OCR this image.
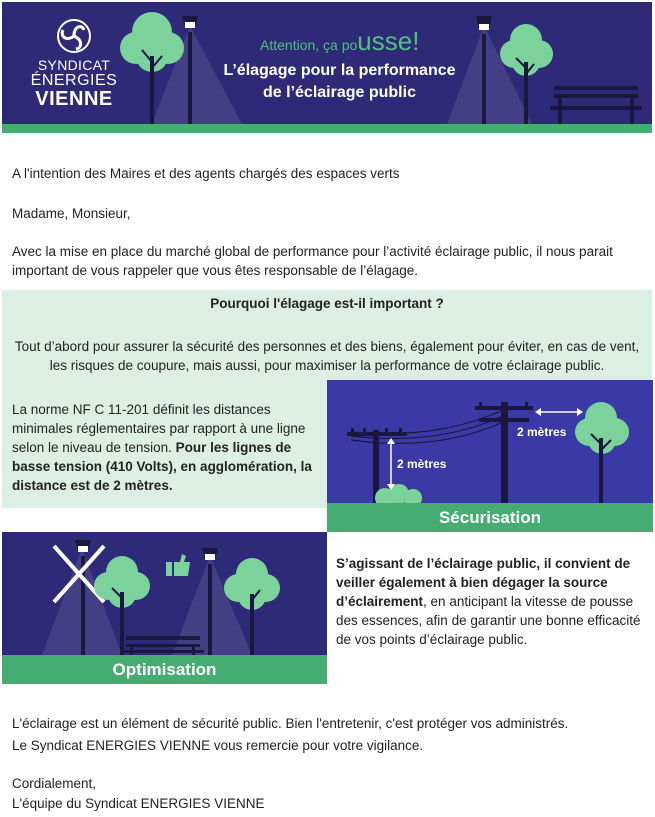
SYNDICAT
ÉNERGIES
VIENNE
Attention, ça pousse!
L’élagage pour la performance
de l’éclairage public
A l'intention des Maires et des agents chargés des espaces verts
Madame, Monsieur,
Avec la mise en place du marché global de performance pour l’activité éclairage public, il nous parait important de vous rappeler que vous êtes responsable de l’élagage.
Pourquoi l'élagage est-il important ?
Tout d’abord pour assurer la sécurité des personnes et des biens, également pour éviter, en cas de vent, les risques de coupure, mais aussi, pour maximiser la performance de votre éclairage public.
La norme NF C 11-201 définit les distances minimales réglementaires par rapport à une ligne selon le niveau de tension. Pour les lignes de basse tension (410 Volts), en agglomération, la distance est de 2 mètres.
2 mètres
2 mètres
Sécurisation
Optimisation
S’agissant de l’éclairage public, il convient de veiller également à bien dégager la source d’éclairement, en anticipant la vitesse de pousse des essences, afin de garantir une bonne efficacité de vos points d’éclairage public.
L'éclairage est un élément de sécurité public. Bien l'entretenir, c'est protéger vos administrés.
Le Syndicat ENERGIES VIENNE vous remercie pour votre vigilance.
Cordialement,
L'équipe du Syndicat ENERGIES VIENNE
